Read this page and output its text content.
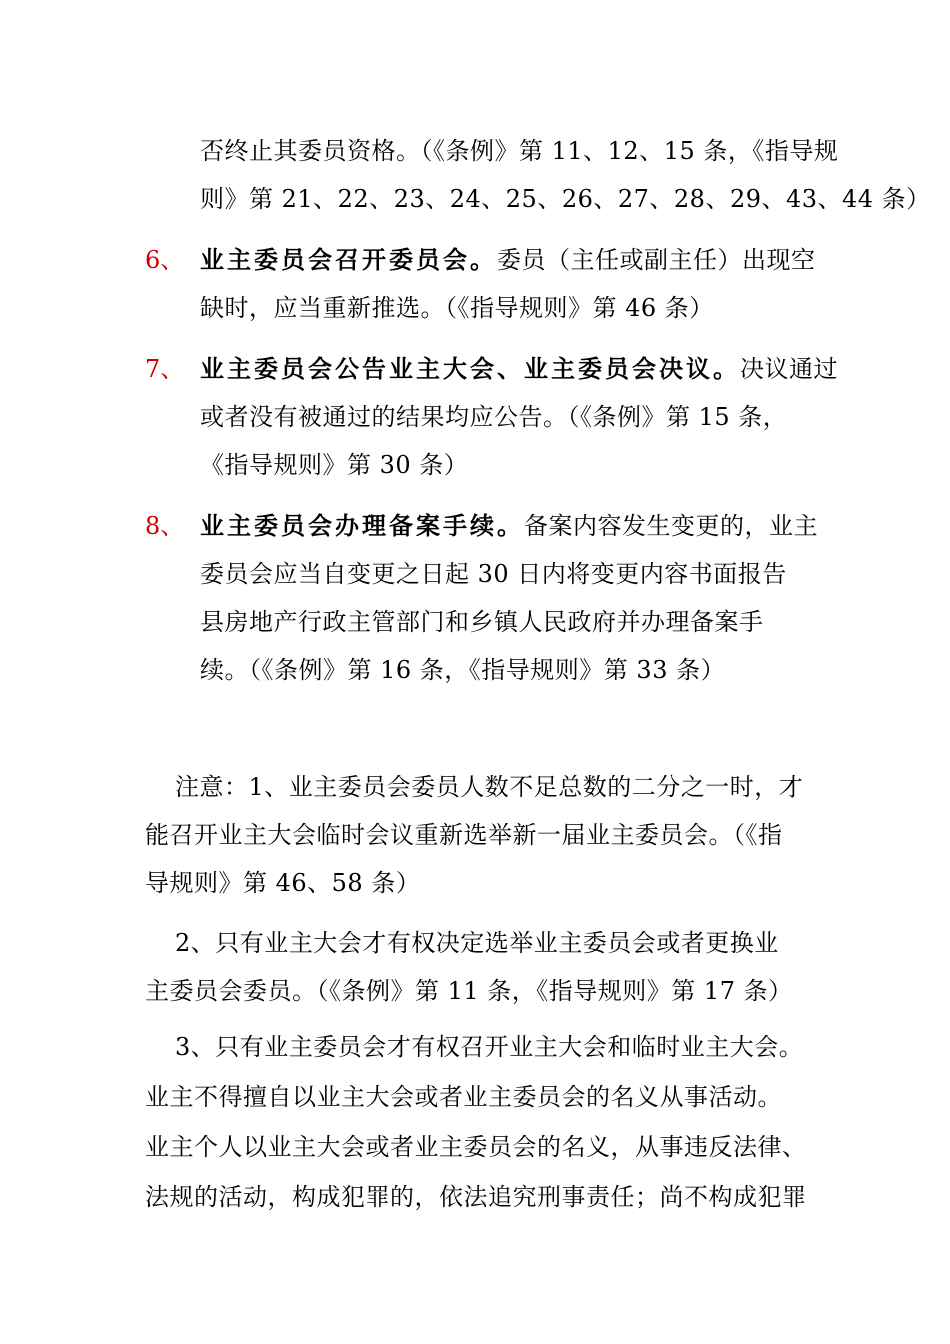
否终止其委员资格。（《条例》第 11、12、15 条，《指导规
则》第 21、22、23、24、25、26、27、28、29、43、44 条）
6、 业主委员会召开委员会。委员（主任或副主任）出现空
缺时，应当重新推选。（《指导规则》第 46 条）
7、 业主委员会公告业主大会、业主委员会决议。决议通过
或者没有被通过的结果均应公告。（《条例》第 15 条，
《指导规则》第 30 条）
8、 业主委员会办理备案手续。备案内容发生变更的，业主
委员会应当自变更之日起 30 日内将变更内容书面报告
县房地产行政主管部门和乡镇人民政府并办理备案手
续。（《条例》第 16 条，《指导规则》第 33 条）
注意：1、业主委员会委员人数不足总数的二分之一时，才
能召开业主大会临时会议重新选举新一届业主委员会。（《指
导规则》第 46、58 条）
2、只有业主大会才有权决定选举业主委员会或者更换业
主委员会委员。（《条例》第 11 条，《指导规则》第 17 条）
3、只有业主委员会才有权召开业主大会和临时业主大会。
业主不得擅自以业主大会或者业主委员会的名义从事活动。
业主个人以业主大会或者业主委员会的名义，从事违反法律、
法规的活动，构成犯罪的，依法追究刑事责任；尚不构成犯罪
